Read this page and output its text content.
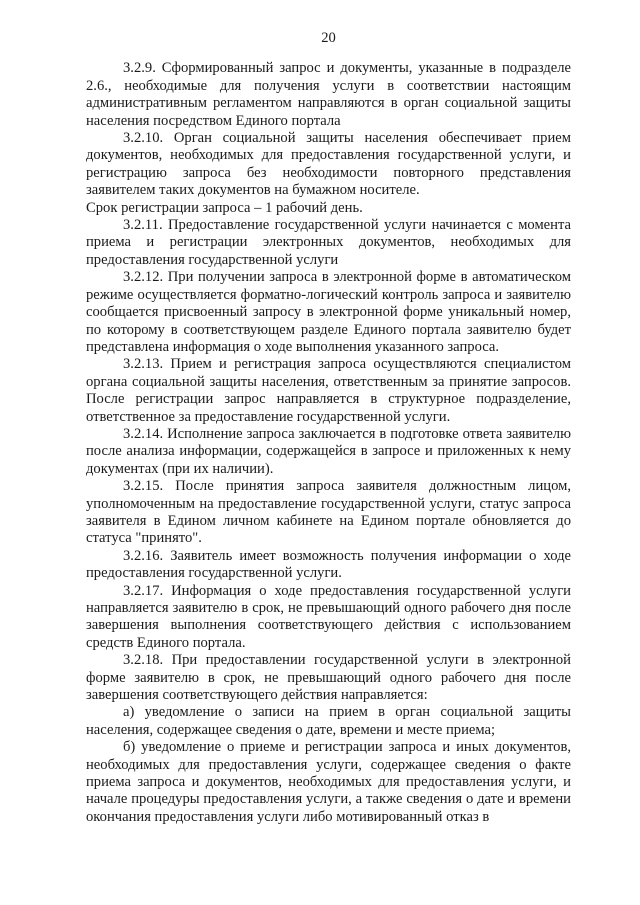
20

3.2.9. Сформированный запрос и документы, указанные в подразделе 2.6., необходимые для получения услуги в соответствии настоящим административным регламентом направляются в орган социальной защиты населения посредством Единого портала

3.2.10. Орган социальной защиты населения обеспечивает прием документов, необходимых для предоставления государственной услуги, и регистрацию запроса без необходимости повторного представления заявителем таких документов на бумажном носителе.

Срок регистрации запроса – 1 рабочий день.

3.2.11. Предоставление государственной услуги начинается с момента приема и регистрации электронных документов, необходимых для предоставления государственной услуги

3.2.12. При получении запроса в электронной форме в автоматическом режиме осуществляется форматно-логический контроль запроса и заявителю сообщается присвоенный запросу в электронной форме уникальный номер, по которому в соответствующем разделе Единого портала заявителю будет представлена информация о ходе выполнения указанного запроса.

3.2.13. Прием и регистрация запроса осуществляются специалистом органа социальной защиты населения, ответственным за принятие запросов. После регистрации запрос направляется в структурное подразделение, ответственное за предоставление государственной услуги.

3.2.14. Исполнение запроса заключается в подготовке ответа заявителю после анализа информации, содержащейся в запросе и приложенных к нему документах (при их наличии).

3.2.15. После принятия запроса заявителя должностным лицом, уполномоченным на предоставление государственной услуги, статус запроса заявителя в Едином личном кабинете на Едином портале обновляется до статуса "принято".

3.2.16. Заявитель имеет возможность получения информации о ходе предоставления государственной услуги.

3.2.17. Информация о ходе предоставления государственной услуги направляется заявителю в срок, не превышающий одного рабочего дня после завершения выполнения соответствующего действия с использованием средств Единого портала.

3.2.18. При предоставлении государственной услуги в электронной форме заявителю в срок, не превышающий одного рабочего дня после завершения соответствующего действия направляется:

а) уведомление о записи на прием в орган социальной защиты населения, содержащее сведения о дате, времени и месте приема;

б) уведомление о приеме и регистрации запроса и иных документов, необходимых для предоставления услуги, содержащее сведения о факте приема запроса и документов, необходимых для предоставления услуги, и начале процедуры предоставления услуги, а также сведения о дате и времени окончания предоставления услуги либо мотивированный отказ в
